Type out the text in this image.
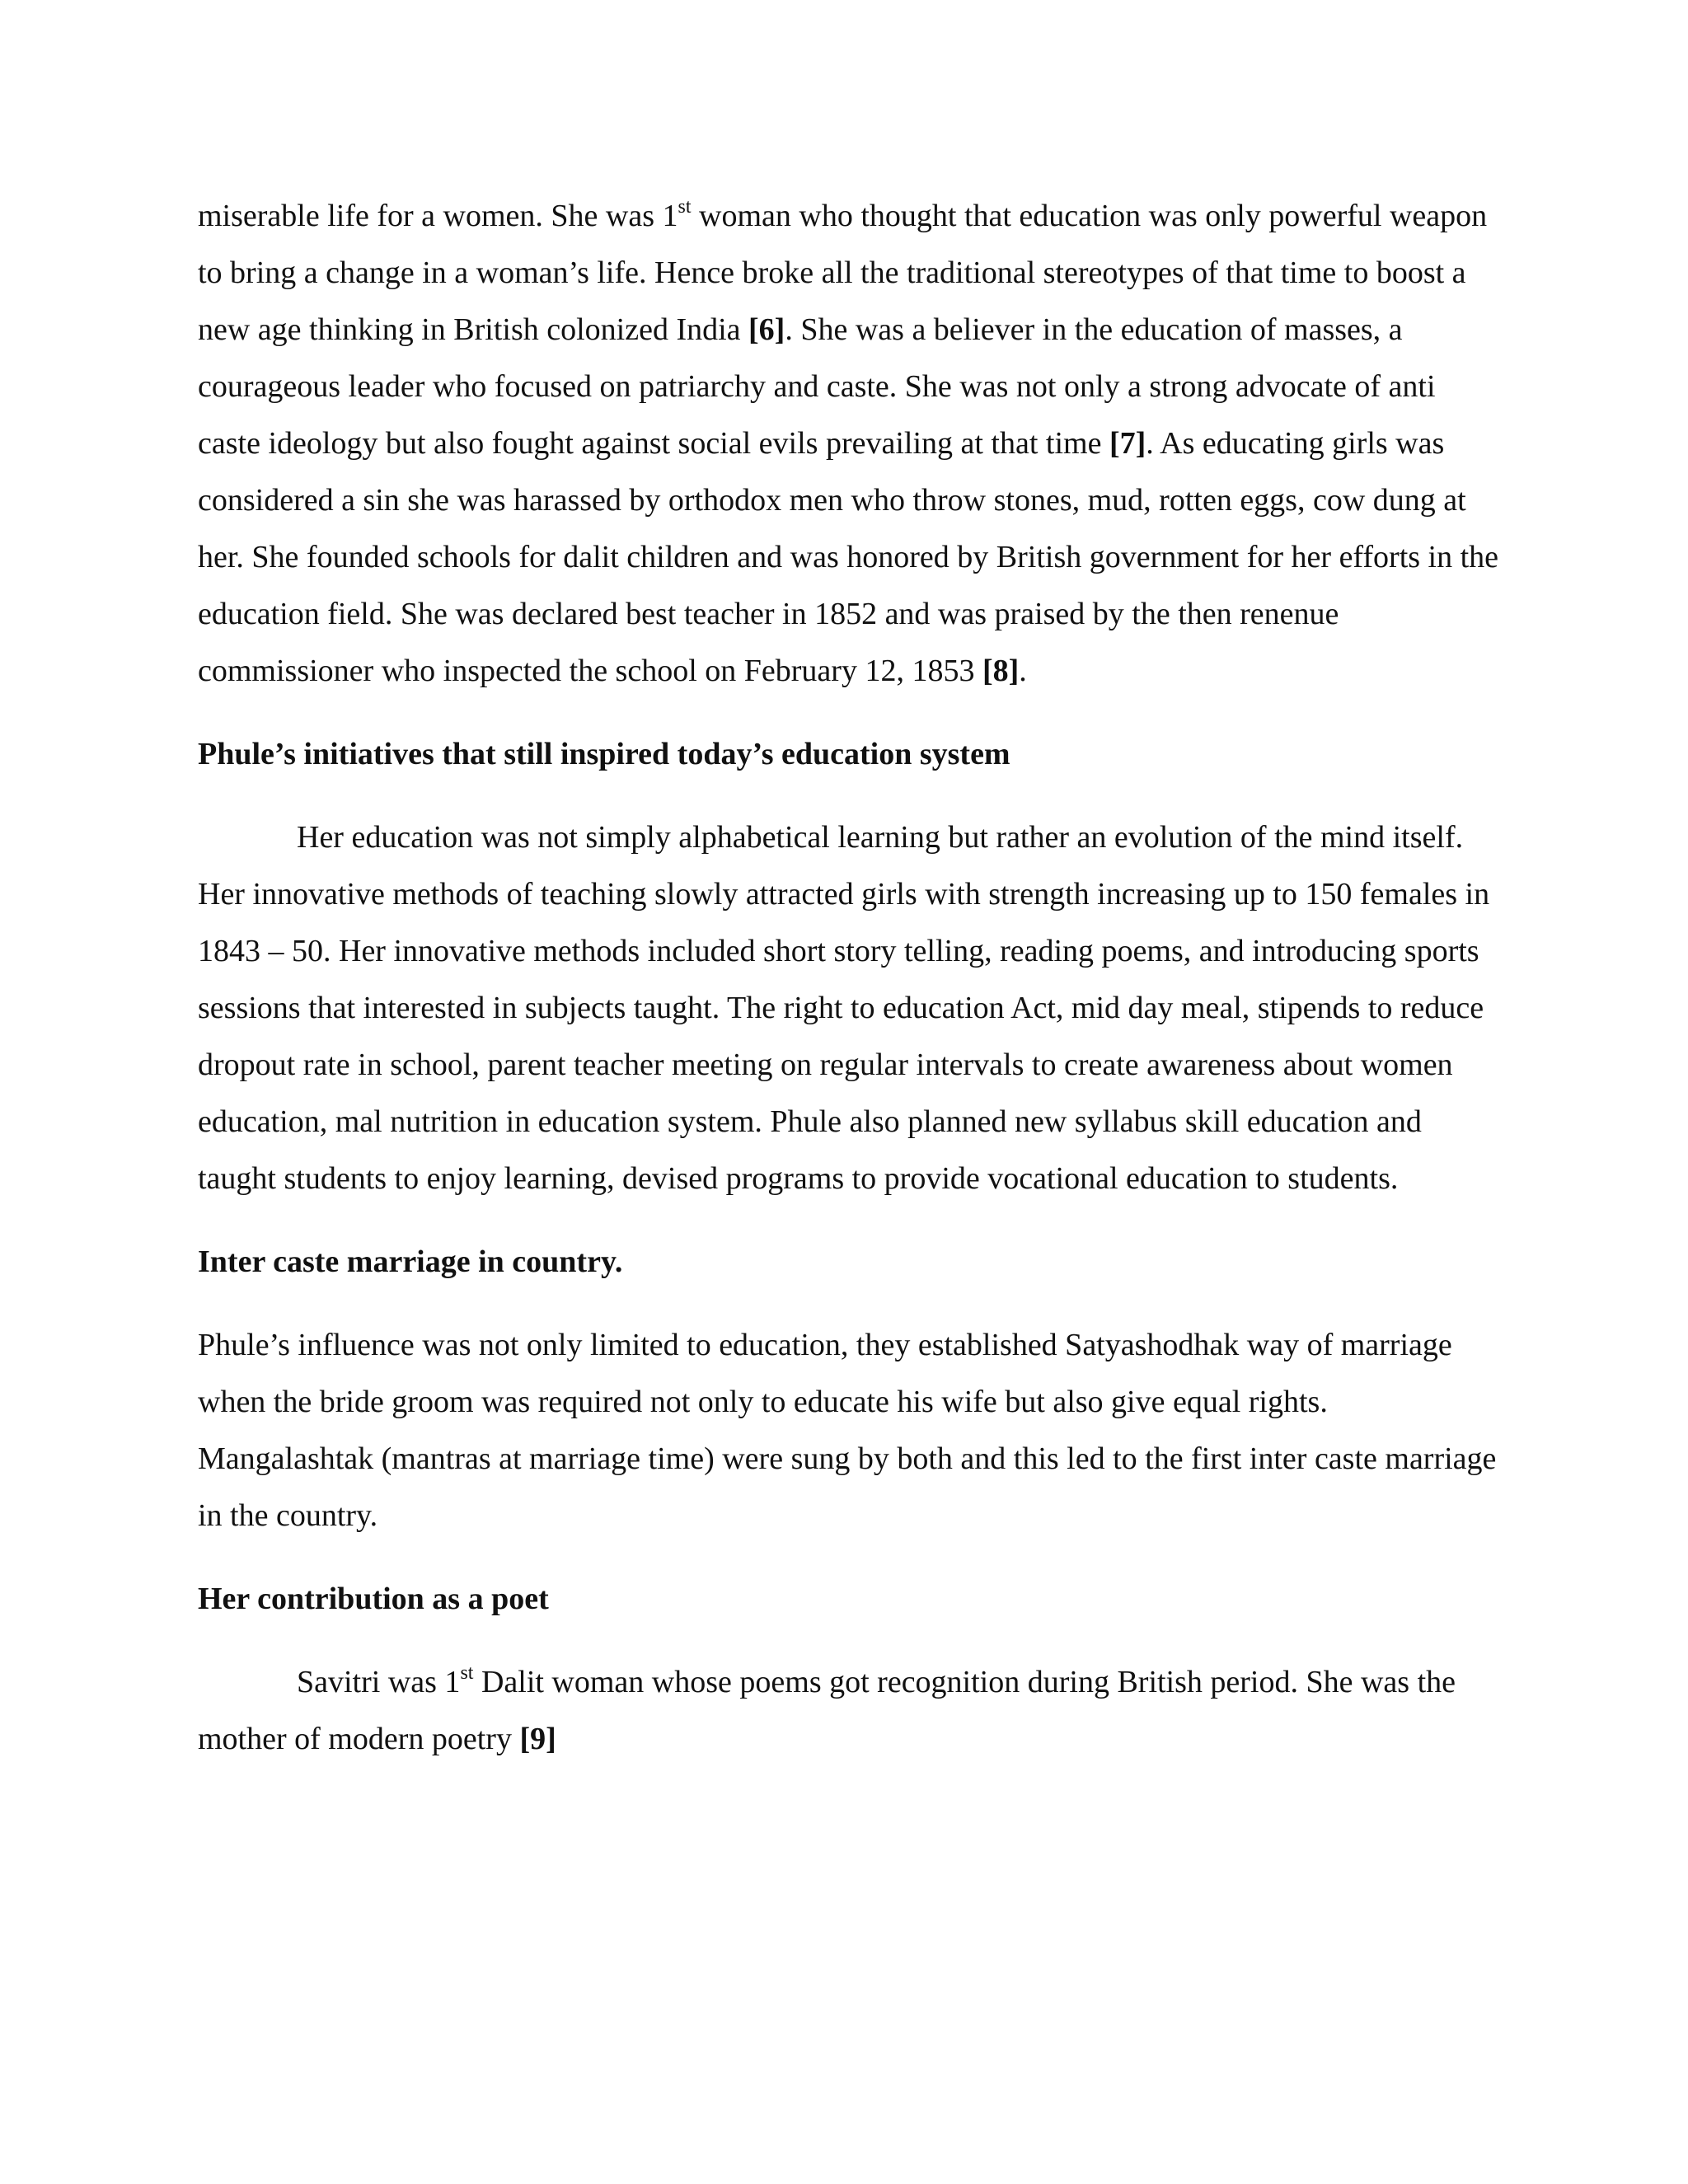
miserable life for a women. She was 1st woman who thought that education was only powerful weapon to bring a change in a woman’s life. Hence broke all the traditional stereotypes of that time to boost a new age thinking in British colonized India [6]. She was a believer in the education of masses, a courageous leader who focused on patriarchy and caste. She was not only a strong advocate of anti caste ideology but also fought against social evils prevailing at that time [7]. As educating girls was considered a sin she was harassed by orthodox men who throw stones, mud, rotten eggs, cow dung at her. She founded schools for dalit children and was honored by British government for her efforts in the education field. She was declared best teacher in 1852 and was praised by the then renenue commissioner who inspected the school on February 12, 1853 [8].

Phule’s initiatives that still inspired today’s education system

Her education was not simply alphabetical learning but rather an evolution of the mind itself. Her innovative methods of teaching slowly attracted girls with strength increasing up to 150 females in 1843 – 50. Her innovative methods included short story telling, reading poems, and introducing sports sessions that interested in subjects taught. The right to education Act, mid day meal, stipends to reduce dropout rate in school, parent teacher meeting on regular intervals to create awareness about women education, mal nutrition in education system. Phule also planned new syllabus skill education and taught students to enjoy learning, devised programs to provide vocational education to students.

Inter caste marriage in country.

Phule’s influence was not only limited to education, they established Satyashodhak way of marriage when the bride groom was required not only to educate his wife but also give equal rights. Mangalashtak (mantras at marriage time) were sung by both and this led to the first inter caste marriage in the country.

Her contribution as a poet

Savitri was 1st Dalit woman whose poems got recognition during British period. She was the mother of modern poetry [9]
